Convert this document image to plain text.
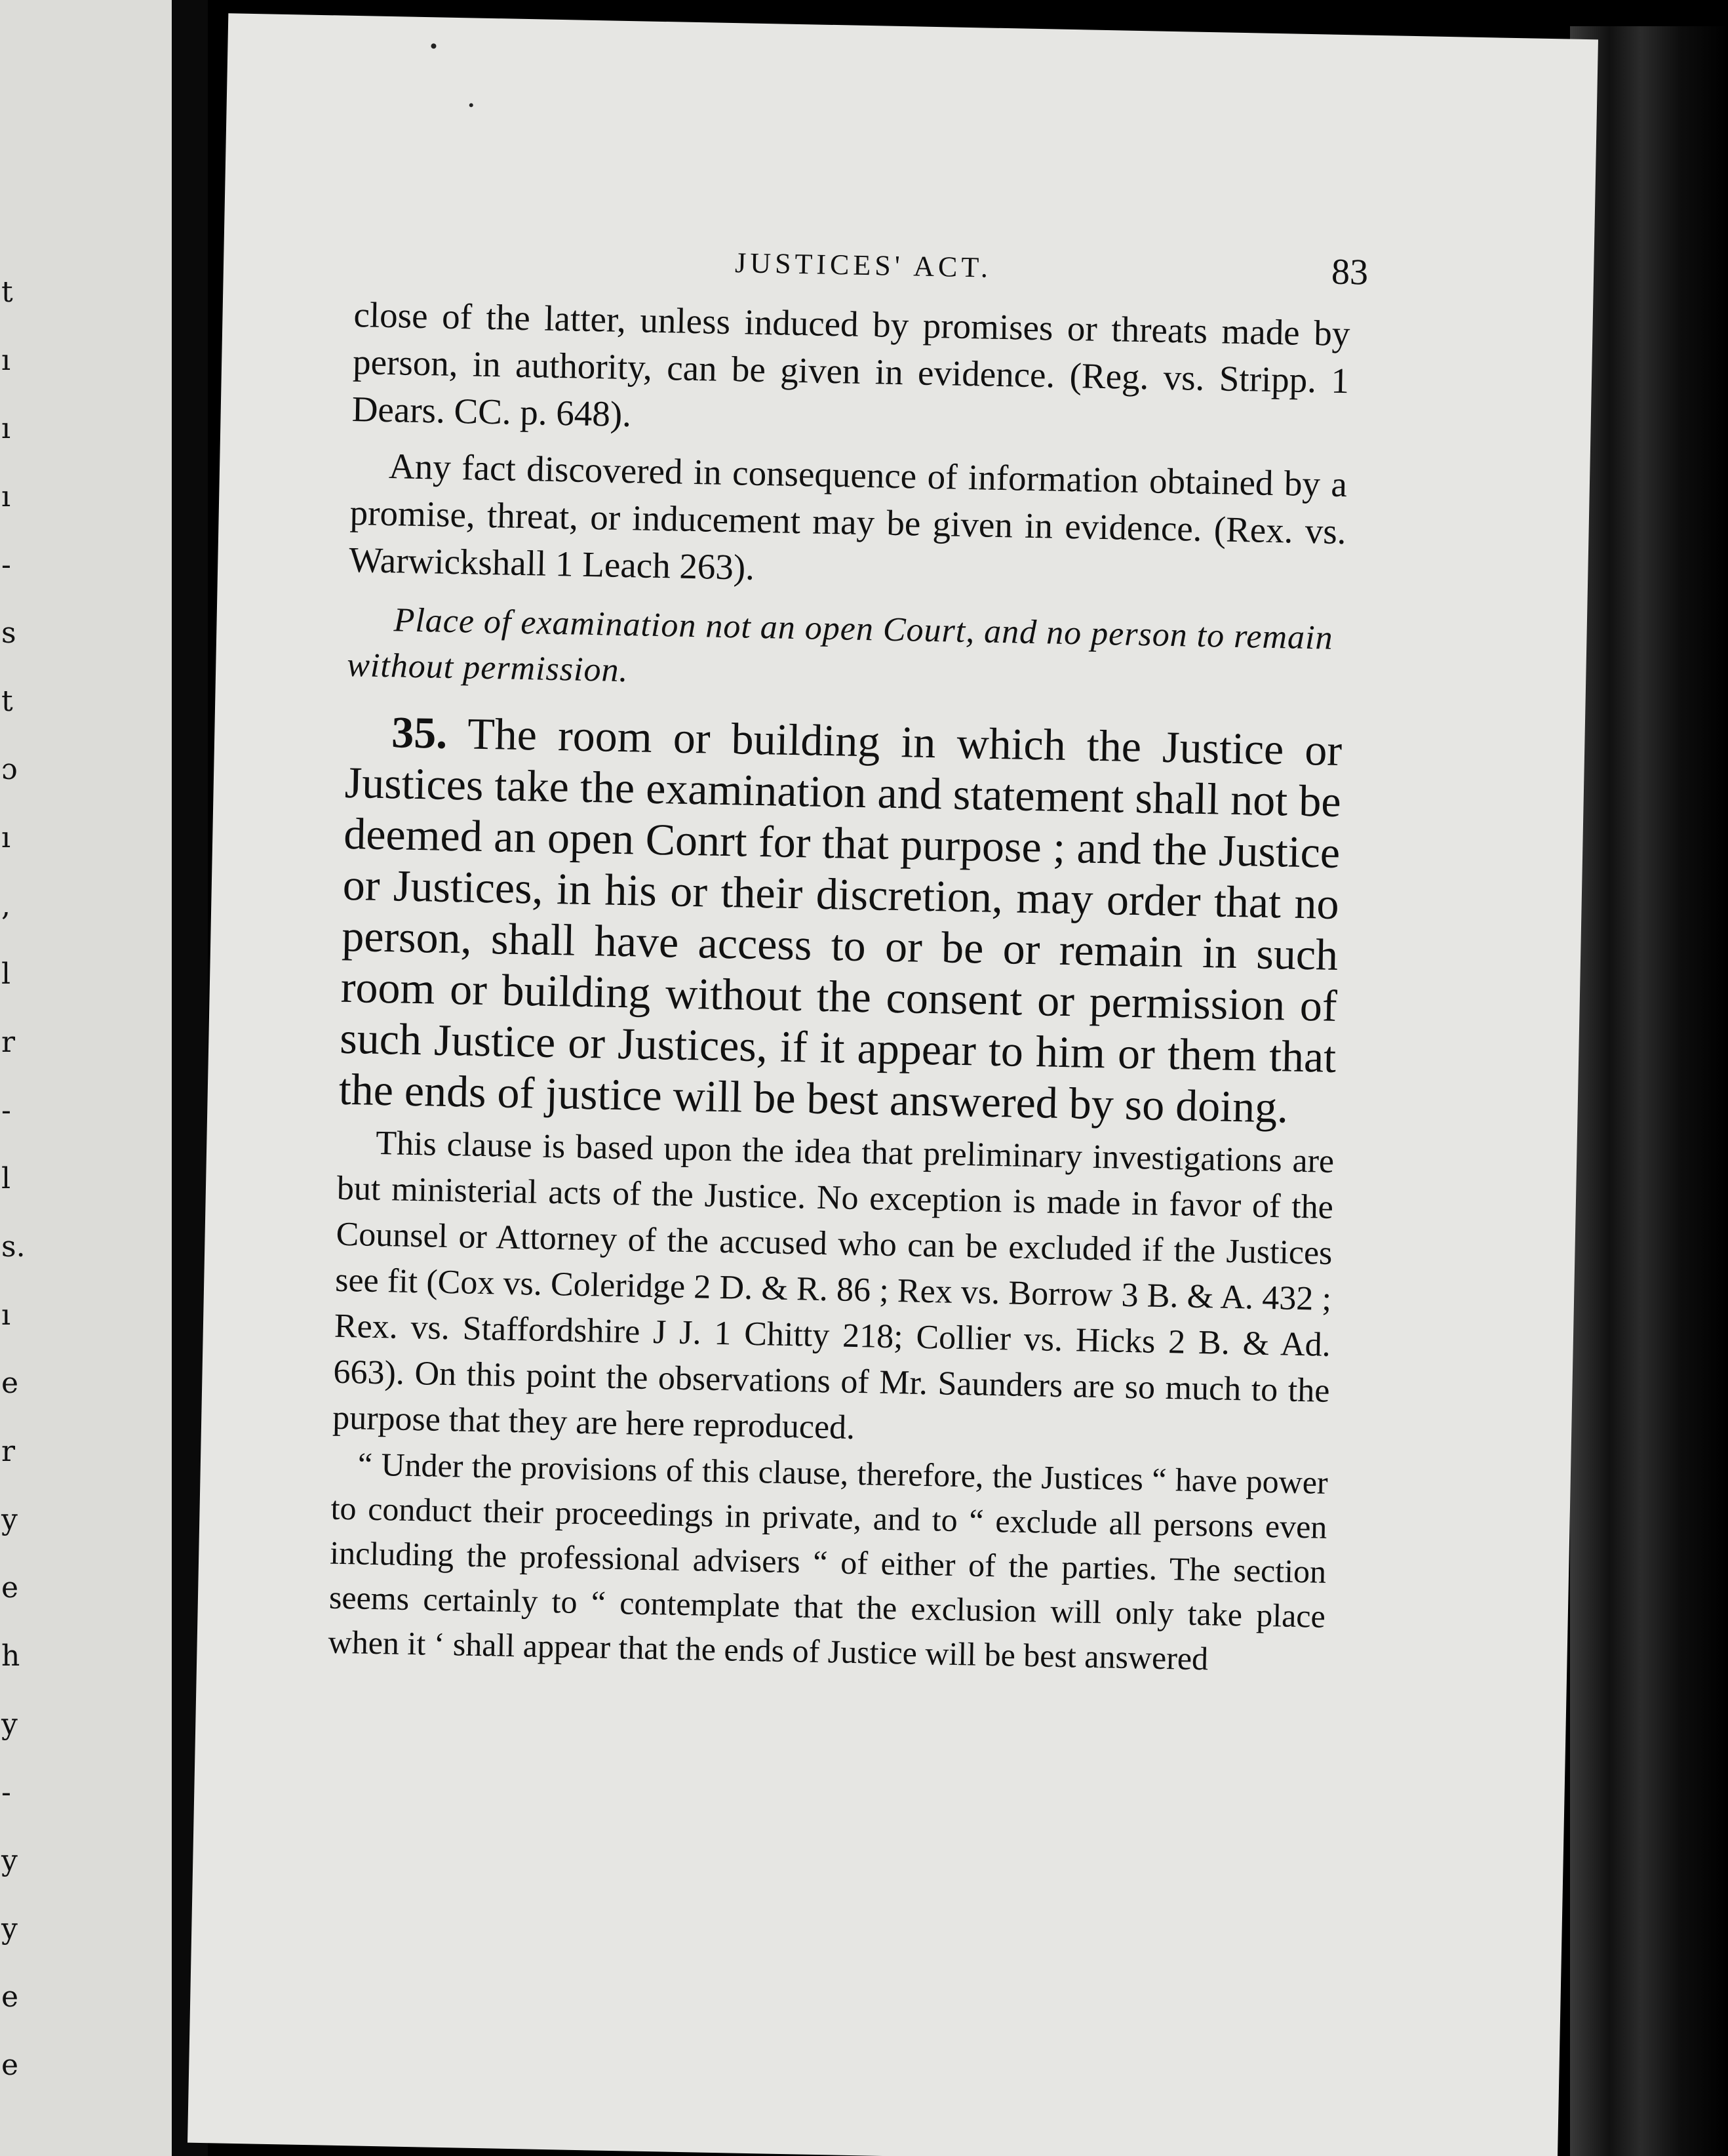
t
ı
ı
ı
-
s
t
ɔ
ı
,
l
r
-
l
s.
ı
e
r
y
e
h
y
-
y
y
e
e
JUSTICES' ACT.	83

close of the latter, unless induced by promises or threats made by person, in authority, can be given in evidence. (Reg. vs. Stripp. 1 Dears. CC. p. 648).

Any fact discovered in consequence of information obtained by a promise, threat, or inducement may be given in evidence. (Rex. vs. Warwickshall 1 Leach 263).

Place of examination not an open Court, and no person to remain without permission.

35. The room or building in which the Justice or Justices take the examination and statement shall not be deemed an open Conrt for that purpose ; and the Justice or Justices, in his or their discretion, may order that no person, shall have access to or be or remain in such room or building without the consent or permission of such Justice or Justices, if it appear to him or them that the ends of justice will be best answered by so doing.

This clause is based upon the idea that preliminary investigations are but ministerial acts of the Justice. No exception is made in favor of the Counsel or Attorney of the accused who can be excluded if the Justices see fit (Cox vs. Coleridge 2 D. & R. 86 ; Rex vs. Borrow 3 B. & A. 432 ; Rex. vs. Staffordshire J J. 1 Chitty 218; Collier vs. Hicks 2 B. & Ad. 663). On this point the observations of Mr. Saunders are so much to the purpose that they are here reproduced.

“ Under the provisions of this clause, therefore, the Justices “ have power to conduct their proceedings in private, and to “ exclude all persons even including the professional advisers “ of either of the parties. The section seems certainly to “ contemplate that the exclusion will only take place when it ‘ shall appear that the ends of Justice will be best answered
